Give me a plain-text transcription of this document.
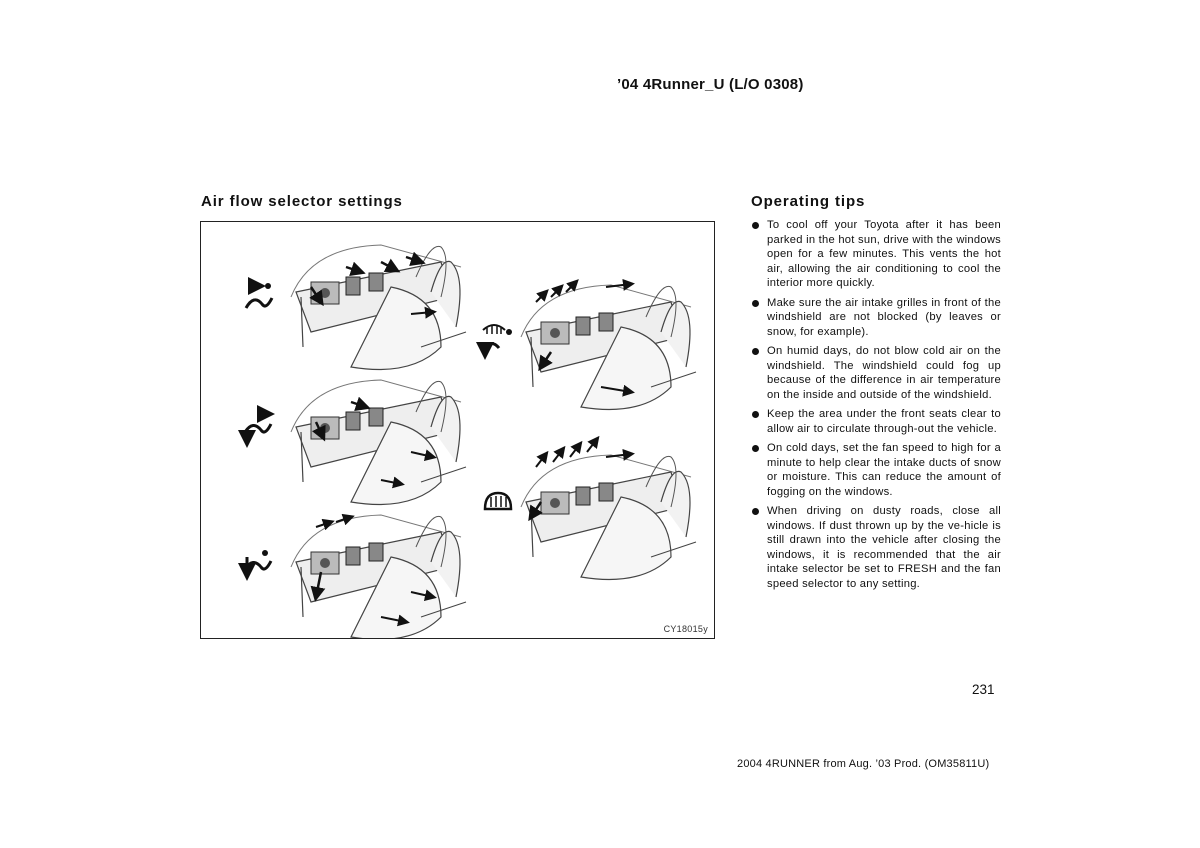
’04 4Runner_U (L/O 0308)
Air flow selector settings	Operating tips
CY18015y
To cool off your Toyota after it has been parked in the hot sun, drive with the windows open for a few minutes. This vents the hot air, allowing the air conditioning to cool the interior more quickly.
Make sure the air intake grilles in front of the windshield are not blocked (by leaves or snow, for example).
On humid days, do not blow cold air on the windshield. The windshield could fog up because of the difference in air temperature on the inside and outside of the windshield.
Keep the area under the front seats clear to allow air to circulate through-out the vehicle.
On cold days, set the fan speed to high for a minute to help clear the intake ducts of snow or moisture. This can reduce the amount of fogging on the windows.
When driving on dusty roads, close all windows. If dust thrown up by the ve-hicle is still drawn into the vehicle after closing the windows, it is recommended that the air intake selector be set to FRESH and the fan speed selector to any setting.
231
2004 4RUNNER from Aug. ’03 Prod. (OM35811U)
